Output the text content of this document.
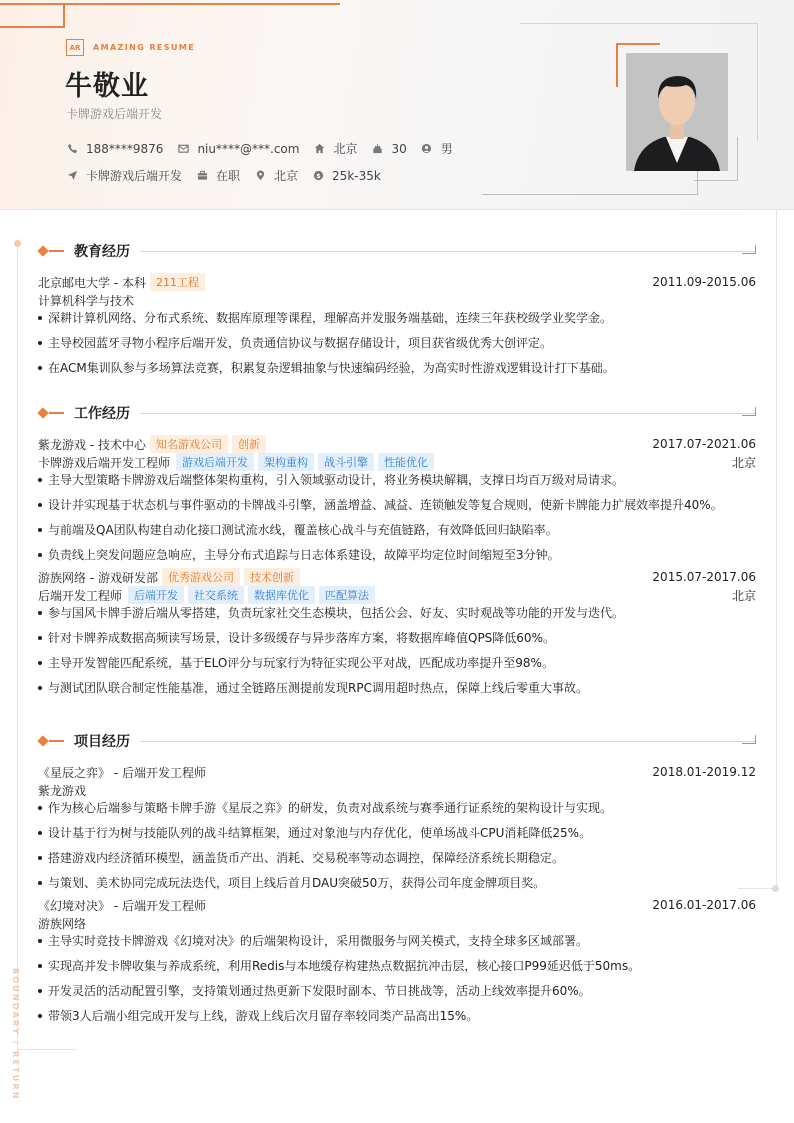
AR	AMAZING RESUME
牛敬业
卡牌游戏后端开发
188****9876	niu****@***.com	北京	30	男
卡牌游戏后端开发	在职	北京	$ 25k-35k
BOUNDARY / RETURN
教育经历
北京邮电大学 - 本科 211工程	2011.09-2015.06
计算机科学与技术
深耕计算机网络、分布式系统、数据库原理等课程，理解高并发服务端基础，连续三年获校级学业奖学金。
主导校园蓝牙寻物小程序后端开发，负责通信协议与数据存储设计，项目获省级优秀大创评定。
在ACM集训队参与多场算法竞赛，积累复杂逻辑抽象与快速编码经验，为高实时性游戏逻辑设计打下基础。
工作经历
紫龙游戏 - 技术中心 知名游戏公司	创新	2017.07-2021.06
卡牌游戏后端开发工程师	游戏后端开发	架构重构	战斗引擎	性能优化	北京
主导大型策略卡牌游戏后端整体架构重构，引入领域驱动设计，将业务模块解耦，支撑日均百万级对局请求。
设计并实现基于状态机与事件驱动的卡牌战斗引擎，涵盖增益、减益、连锁触发等复合规则，使新卡牌能力扩展效率提升40%。
与前端及QA团队构建自动化接口测试流水线，覆盖核心战斗与充值链路，有效降低回归缺陷率。
负责线上突发问题应急响应，主导分布式追踪与日志体系建设，故障平均定位时间缩短至3分钟。
游族网络 - 游戏研发部 优秀游戏公司	技术创新	2015.07-2017.06
后端开发工程师	后端开发	社交系统	数据库优化	匹配算法	北京
参与国风卡牌手游后端从零搭建，负责玩家社交生态模块，包括公会、好友、实时观战等功能的开发与迭代。
针对卡牌养成数据高频读写场景，设计多级缓存与异步落库方案，将数据库峰值QPS降低60%。
主导开发智能匹配系统，基于ELO评分与玩家行为特征实现公平对战，匹配成功率提升至98%。
与测试团队联合制定性能基准，通过全链路压测提前发现RPC调用超时热点，保障上线后零重大事故。
项目经历
《星辰之弈》 - 后端开发工程师	2018.01-2019.12
紫龙游戏
作为核心后端参与策略卡牌手游《星辰之弈》的研发，负责对战系统与赛季通行证系统的架构设计与实现。
设计基于行为树与技能队列的战斗结算框架，通过对象池与内存优化，使单场战斗CPU消耗降低25%。
搭建游戏内经济循环模型，涵盖货币产出、消耗、交易税率等动态调控，保障经济系统长期稳定。
与策划、美术协同完成玩法迭代，项目上线后首月DAU突破50万，获得公司年度金牌项目奖。
《幻境对决》 - 后端开发工程师	2016.01-2017.06
游族网络
主导实时竞技卡牌游戏《幻境对决》的后端架构设计，采用微服务与网关模式，支持全球多区域部署。
实现高并发卡牌收集与养成系统，利用Redis与本地缓存构建热点数据抗冲击层，核心接口P99延迟低于50ms。
开发灵活的活动配置引擎，支持策划通过热更新下发限时副本、节日挑战等，活动上线效率提升60%。
带领3人后端小组完成开发与上线，游戏上线后次月留存率较同类产品高出15%。
